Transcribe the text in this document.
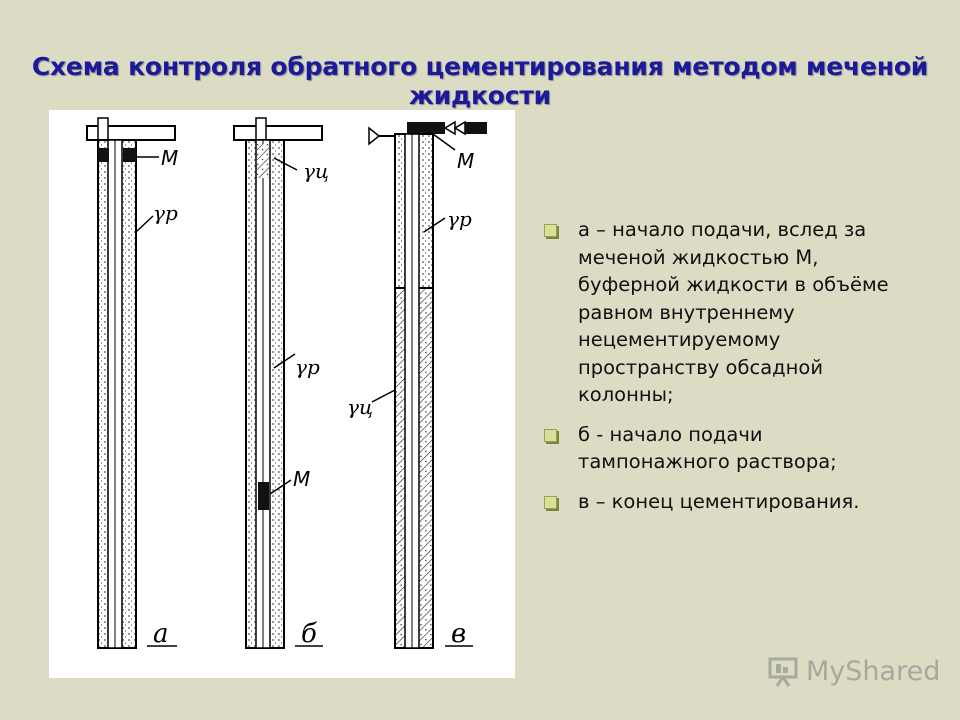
Схема контроля обратного цементирования методом меченой жидкости
М
γр
а
γц
γр
М
б
М
γр
γц
в
а – начало подачи, вслед за меченой жидкостью М, буферной жидкости в объёме равном внутреннему нецементируемому пространству обсадной колонны;
б - начало подачи тампонажного раствора;
в – конец цементирования.
MyShared
